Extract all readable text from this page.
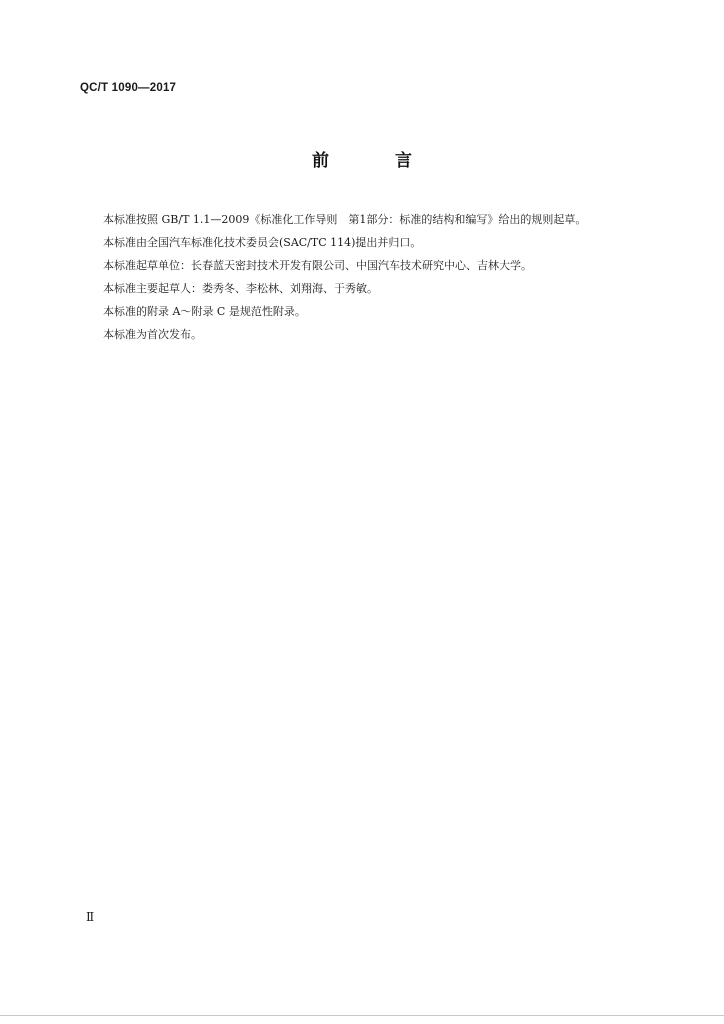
QC/T 1090—2017
前 言

本标准按照 GB/T 1.1—2009《标准化工作导则　第1部分：标准的结构和编写》给出的规则起草。

本标准由全国汽车标准化技术委员会(SAC/TC 114)提出并归口。

本标准起草单位：长春蓝天密封技术开发有限公司、中国汽车技术研究中心、吉林大学。

本标准主要起草人：娄秀冬、李松林、刘翔海、于秀敏。

本标准的附录 A～附录 C 是规范性附录。

本标准为首次发布。

Ⅱ
